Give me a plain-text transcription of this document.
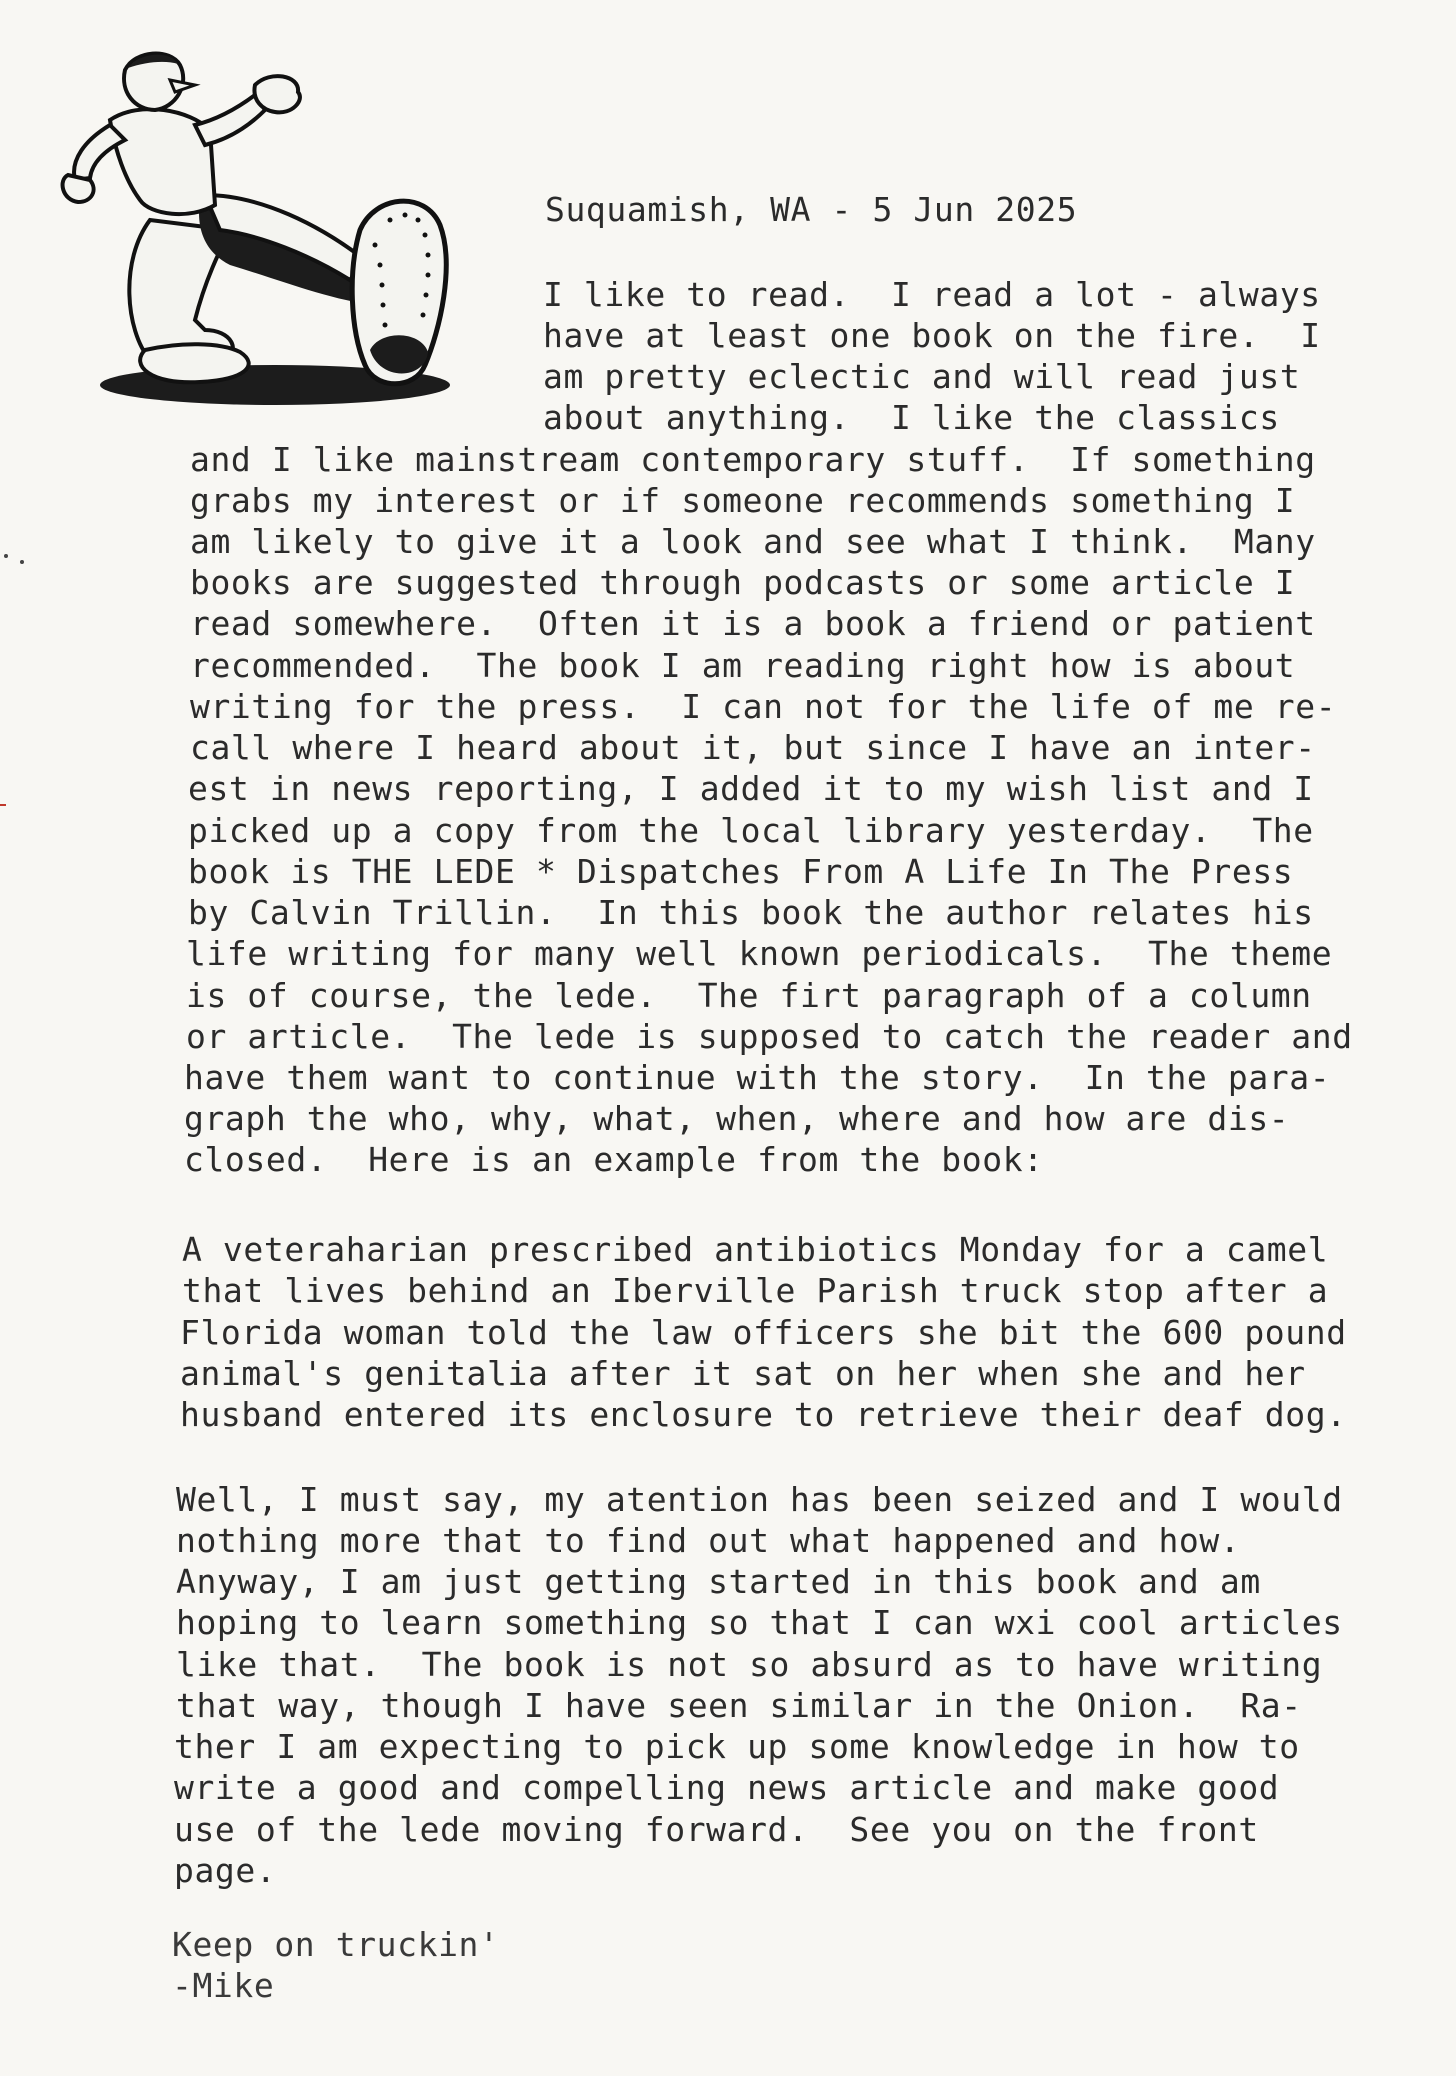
Suquamish, WA - 5 Jun 2025
I like to read.  I read a lot - always
have at least one book on the fire.  I
am pretty eclectic and will read just
about anything.  I like the classics
and I like mainstream contemporary stuff.  If something
grabs my interest or if someone recommends something I
am likely to give it a look and see what I think.  Many
books are suggested through podcasts or some article I
read somewhere.  Often it is a book a friend or patient
recommended.  The book I am reading right how is about
writing for the press.  I can not for the life of me re-
call where I heard about it, but since I have an inter-
est in news reporting, I added it to my wish list and I
picked up a copy from the local library yesterday.  The
book is THE LEDE * Dispatches From A Life In The Press
by Calvin Trillin.  In this book the author relates his
life writing for many well known periodicals.  The theme
is of course, the lede.  The firt paragraph of a column
or article.  The lede is supposed to catch the reader and
have them want to continue with the story.  In the para-
graph the who, why, what, when, where and how are dis-
closed.  Here is an example from the book:
A veteraharian prescribed antibiotics Monday for a camel
that lives behind an Iberville Parish truck stop after a
Florida woman told the law officers she bit the 600 pound
animal's genitalia after it sat on her when she and her
husband entered its enclosure to retrieve their deaf dog.
Well, I must say, my atention has been seized and I would
nothing more that to find out what happened and how.
Anyway, I am just getting started in this book and am
hoping to learn something so that I can wxi cool articles
like that.  The book is not so absurd as to have writing
that way, though I have seen similar in the Onion.  Ra-
ther I am expecting to pick up some knowledge in how to
write a good and compelling news article and make good
use of the lede moving forward.  See you on the front
page.
Keep on truckin'
-Mike
